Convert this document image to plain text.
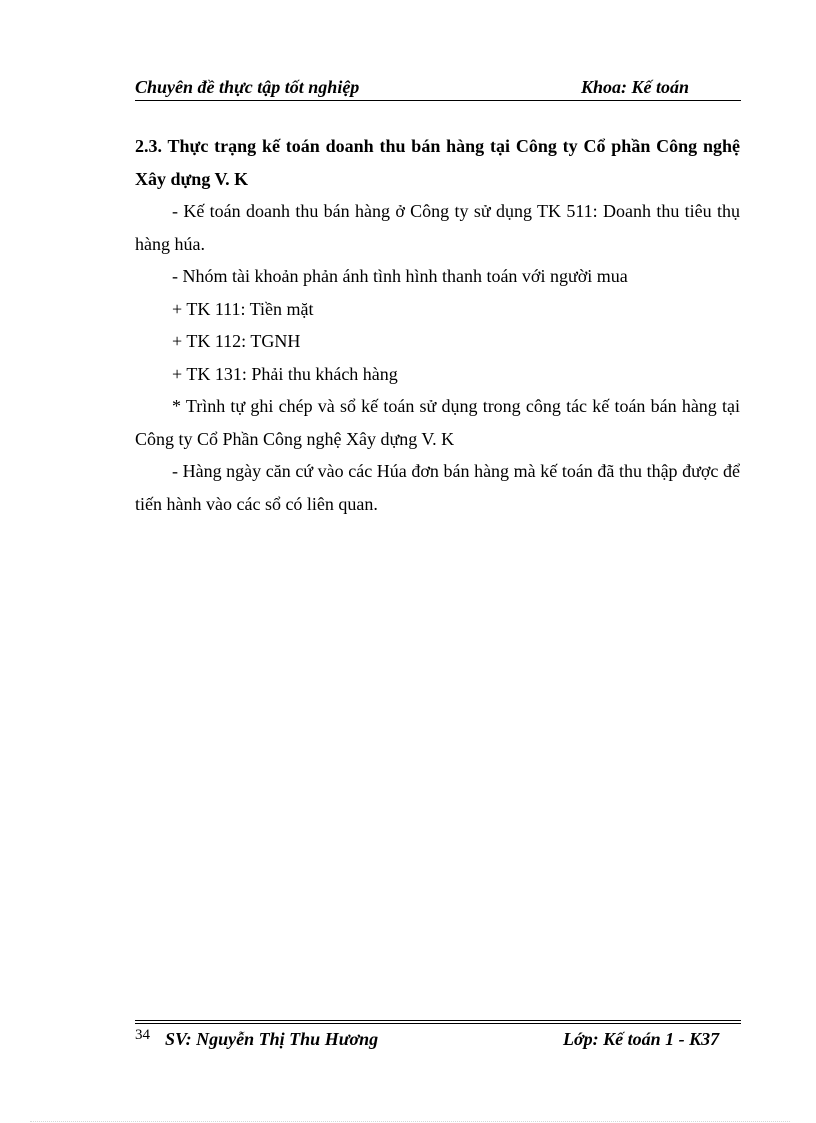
Chuyên đề thực tập tốt nghiệp	Khoa: Kế toán

2.3. Thực trạng kế toán doanh thu bán hàng tại Công ty Cổ phần Công nghệ Xây dựng V. K

- Kế toán doanh thu bán hàng ở Công ty sử dụng TK 511: Doanh thu tiêu thụ hàng húa.

- Nhóm tài khoản phản ánh tình hình thanh toán với người mua

+ TK 111: Tiền mặt

+ TK 112: TGNH

+ TK 131: Phải thu khách hàng

* Trình tự ghi chép và sổ kế toán sử dụng trong công tác kế toán bán hàng tại Công ty Cổ Phần Công nghệ Xây dựng V. K

- Hàng ngày căn cứ vào các Húa đơn bán hàng mà kế toán đã thu thập được để tiến hành vào các sổ có liên quan.

34 SV: Nguyễn Thị Thu Hương	Lớp: Kế toán 1 - K37
